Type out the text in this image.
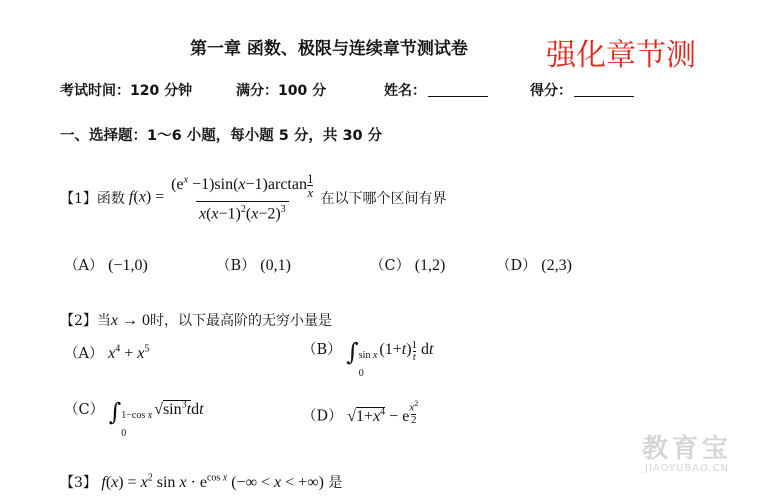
第一章 函数、极限与连续章节测试卷	强化章节测
考试时间：120 分钟	满分：100 分	姓名：	得分：
一、选择题：1～6 小题，每小题 5 分，共 30 分
【1】 函数 $f(x) = \frac{(e^x -1)\sin(x-1)\arctan \frac{1}{x}}{x(x-1)^2(x-2)^3}$ 在以下哪个区间有界
（A） (−1,0)	（B） (0,1)	（C） (1,2)	（D） (2,3)
【2】当x → 0时，以下最高阶的无穷小量是
（A） $x^4 + x^5$	（B） ∫ sin x
0
$(1+t) \frac{1}{t}$ dt
（C） ∫ 1−cos x
0
$√\sin^3tdt$	（D） $√1+x^4 - e \frac{x^2}{2}$
【3】 $f(x) = x^2$ $\sin x \cdot e^{cos x}$ (−∞ < x < +∞) 是
教育宝
JIAOYUBAO.CN
